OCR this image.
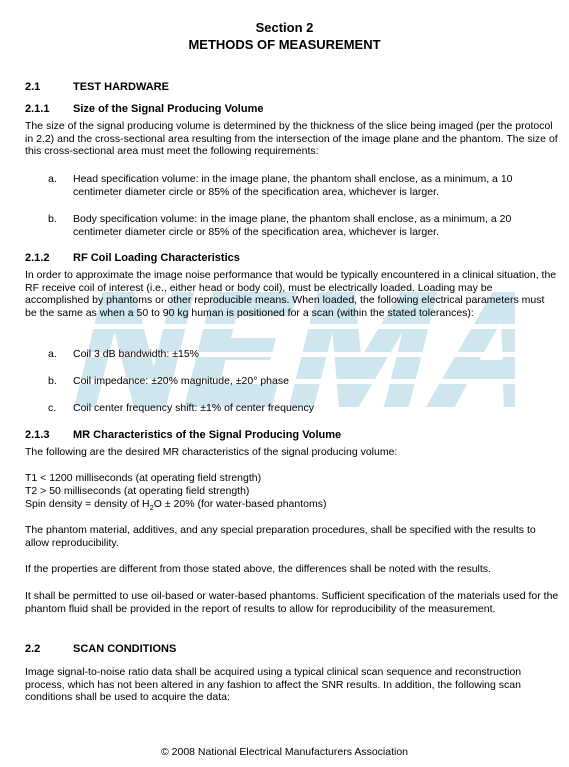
Section 2
METHODS OF MEASUREMENT
2.1	TEST HARDWARE
2.1.1 Size of the Signal Producing Volume
The size of the signal producing volume is determined by the thickness of the slice being imaged (per the protocol in 2.2) and the cross-sectional area resulting from the intersection of the image plane and the phantom. The size of this cross-sectional area must meet the following requirements:
a. Head specification volume: in the image plane, the phantom shall enclose, as a minimum, a 10 centimeter diameter circle or 85% of the specification area, whichever is larger.
b. Body specification volume: in the image plane, the phantom shall enclose, as a minimum, a 20 centimeter diameter circle or 85% of the specification area, whichever is larger.
2.1.2 RF Coil Loading Characteristics
In order to approximate the image noise performance that would be typically encountered in a clinical situation, the RF receive coil of interest (i.e., either head or body coil), must be electrically loaded. Loading may be accomplished by phantoms or other reproducible means. When loaded, the following electrical parameters must be the same as when a 50 to 90 kg human is positioned for a scan (within the stated tolerances):
a. Coil 3 dB bandwidth: ±15%
b. Coil impedance: ±20% magnitude, ±20° phase
c. Coil center frequency shift: ±1% of center frequency
2.1.3 MR Characteristics of the Signal Producing Volume
The following are the desired MR characteristics of the signal producing volume:
T1 < 1200 milliseconds (at operating field strength)
T2 > 50 milliseconds (at operating field strength)
Spin density = density of $H_2O \pm 20\%$ (for water-based phantoms)
The phantom material, additives, and any special preparation procedures, shall be specified with the results to allow reproducibility.
If the properties are different from those stated above, the differences shall be noted with the results.
It shall be permitted to use oil-based or water-based phantoms. Sufficient specification of the materials used for the phantom fluid shall be provided in the report of results to allow for reproducibility of the measurement.
2.2	SCAN CONDITIONS
Image signal-to-noise ratio data shall be acquired using a typical clinical scan sequence and reconstruction process, which has not been altered in any fashion to affect the SNR results. In addition, the following scan conditions shall be used to acquire the data:
© 2008 National Electrical Manufacturers Association
